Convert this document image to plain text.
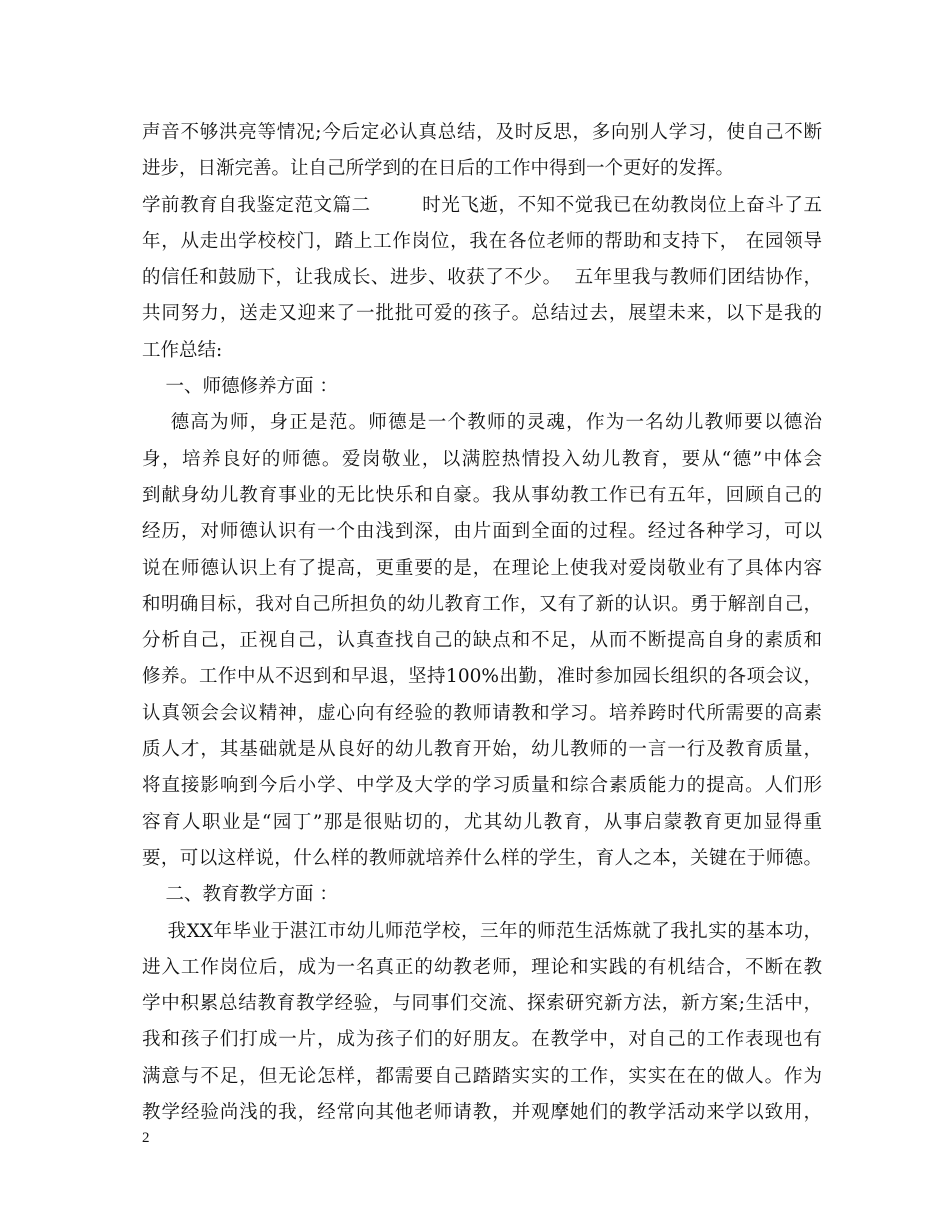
声音不够洪亮等情况;今后定必认真总结，及时反思，多向别人学习，使自己不断
进步，日渐完善。让自己所学到的在日后的工作中得到一个更好的发挥。
学前教育自我鉴定范文篇二        时光飞逝，不知不觉我已在幼教岗位上奋斗了五
年，从走出学校校门，踏上工作岗位，我在各位老师的帮助和支持下， 在园领导
的信任和鼓励下，让我成长、进步、收获了不少。  五年里我与教师们团结协作，
共同努力，送走又迎来了一批批可爱的孩子。总结过去，展望未来，以下是我的
工作总结:
一、师德修养方面 ：
德高为师，身正是范。师德是一个教师的灵魂，作为一名幼儿教师要以德治
身，培养良好的师德。爱岗敬业，以满腔热情投入幼儿教育，要从“德”中体会
到献身幼儿教育事业的无比快乐和自豪。我从事幼教工作已有五年，回顾自己的
经历，对师德认识有一个由浅到深，由片面到全面的过程。经过各种学习，可以
说在师德认识上有了提高，更重要的是，在理论上使我对爱岗敬业有了具体内容
和明确目标，我对自己所担负的幼儿教育工作，又有了新的认识。勇于解剖自己，
分析自己，正视自己，认真查找自己的缺点和不足，从而不断提高自身的素质和
修养。工作中从不迟到和早退，坚持100%出勤，准时参加园长组织的各项会议，
认真领会会议精神，虚心向有经验的教师请教和学习。培养跨时代所需要的高素
质人才，其基础就是从良好的幼儿教育开始，幼儿教师的一言一行及教育质量，
将直接影响到今后小学、中学及大学的学习质量和综合素质能力的提高。人们形
容育人职业是“园丁”那是很贴切的，尤其幼儿教育，从事启蒙教育更加显得重
要，可以这样说，什么样的教师就培养什么样的学生，育人之本，关键在于师德。
二、教育教学方面 ：
我XX年毕业于湛江市幼儿师范学校，三年的师范生活炼就了我扎实的基本功，
进入工作岗位后，成为一名真正的幼教老师，理论和实践的有机结合，不断在教
学中积累总结教育教学经验，与同事们交流、探索研究新方法，新方案;生活中，
我和孩子们打成一片，成为孩子们的好朋友。在教学中，对自己的工作表现也有
满意与不足，但无论怎样，都需要自己踏踏实实的工作，实实在在的做人。作为
教学经验尚浅的我，经常向其他老师请教，并观摩她们的教学活动来学以致用，
2
